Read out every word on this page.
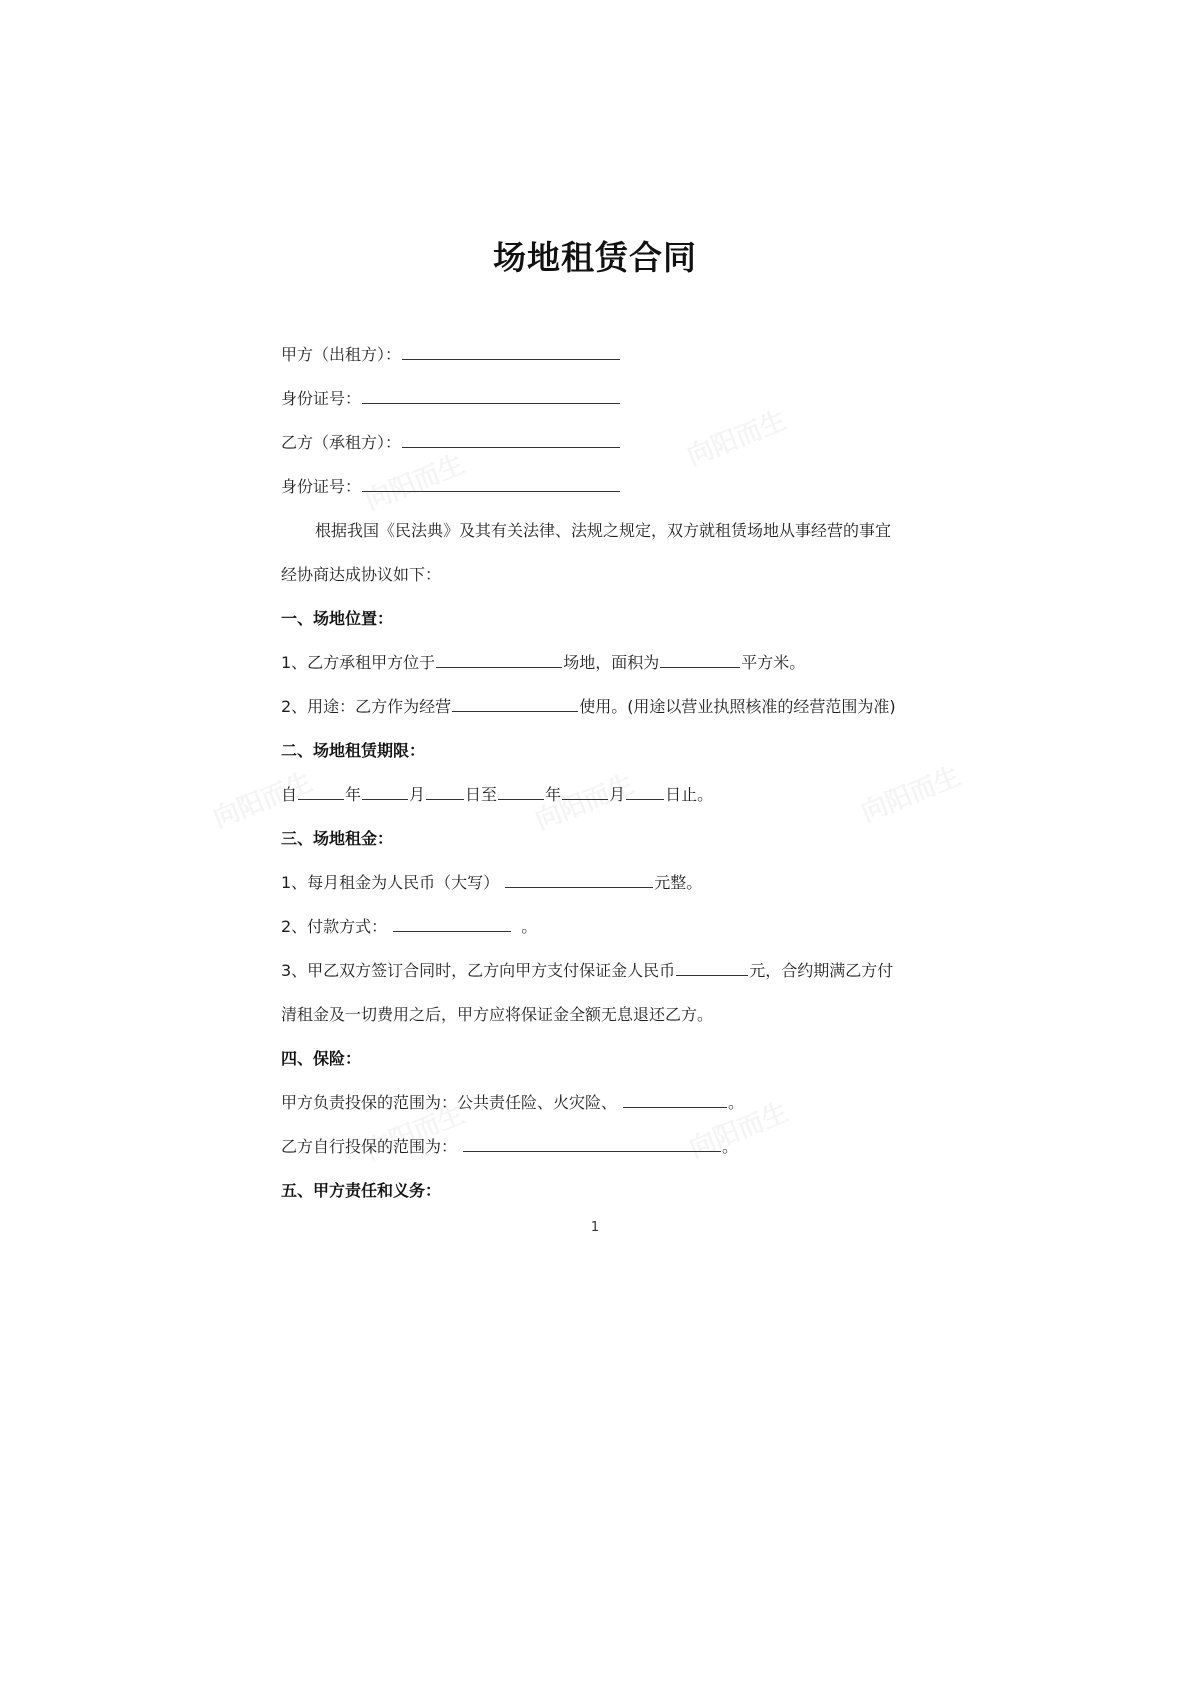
场地租赁合同
甲方（出租方）：
身份证号：
乙方（承租方）：
身份证号：
根据我国《民法典》及其有关法律、法规之规定，双方就租赁场地从事经营的事宜
经协商达成协议如下：
一、场地位置：
1、乙方承租甲方位于	场地，面积为	平方米。
2、用途：乙方作为经营	使用。(用途以营业执照核准的经营范围为准)
二、场地租赁期限：
自	年	月	日至	年	月	日止。
三、场地租金：
1、每月租金为人民币（大写）	元整。
2、付款方式：	。
3、甲乙双方签订合同时，乙方向甲方支付保证金人民币	元，合约期满乙方付
清租金及一切费用之后，甲方应将保证金全额无息退还乙方。
四、保险：
甲方负责投保的范围为：公共责任险、火灾险、	。
乙方自行投保的范围为：	。
五、甲方责任和义务：
1
